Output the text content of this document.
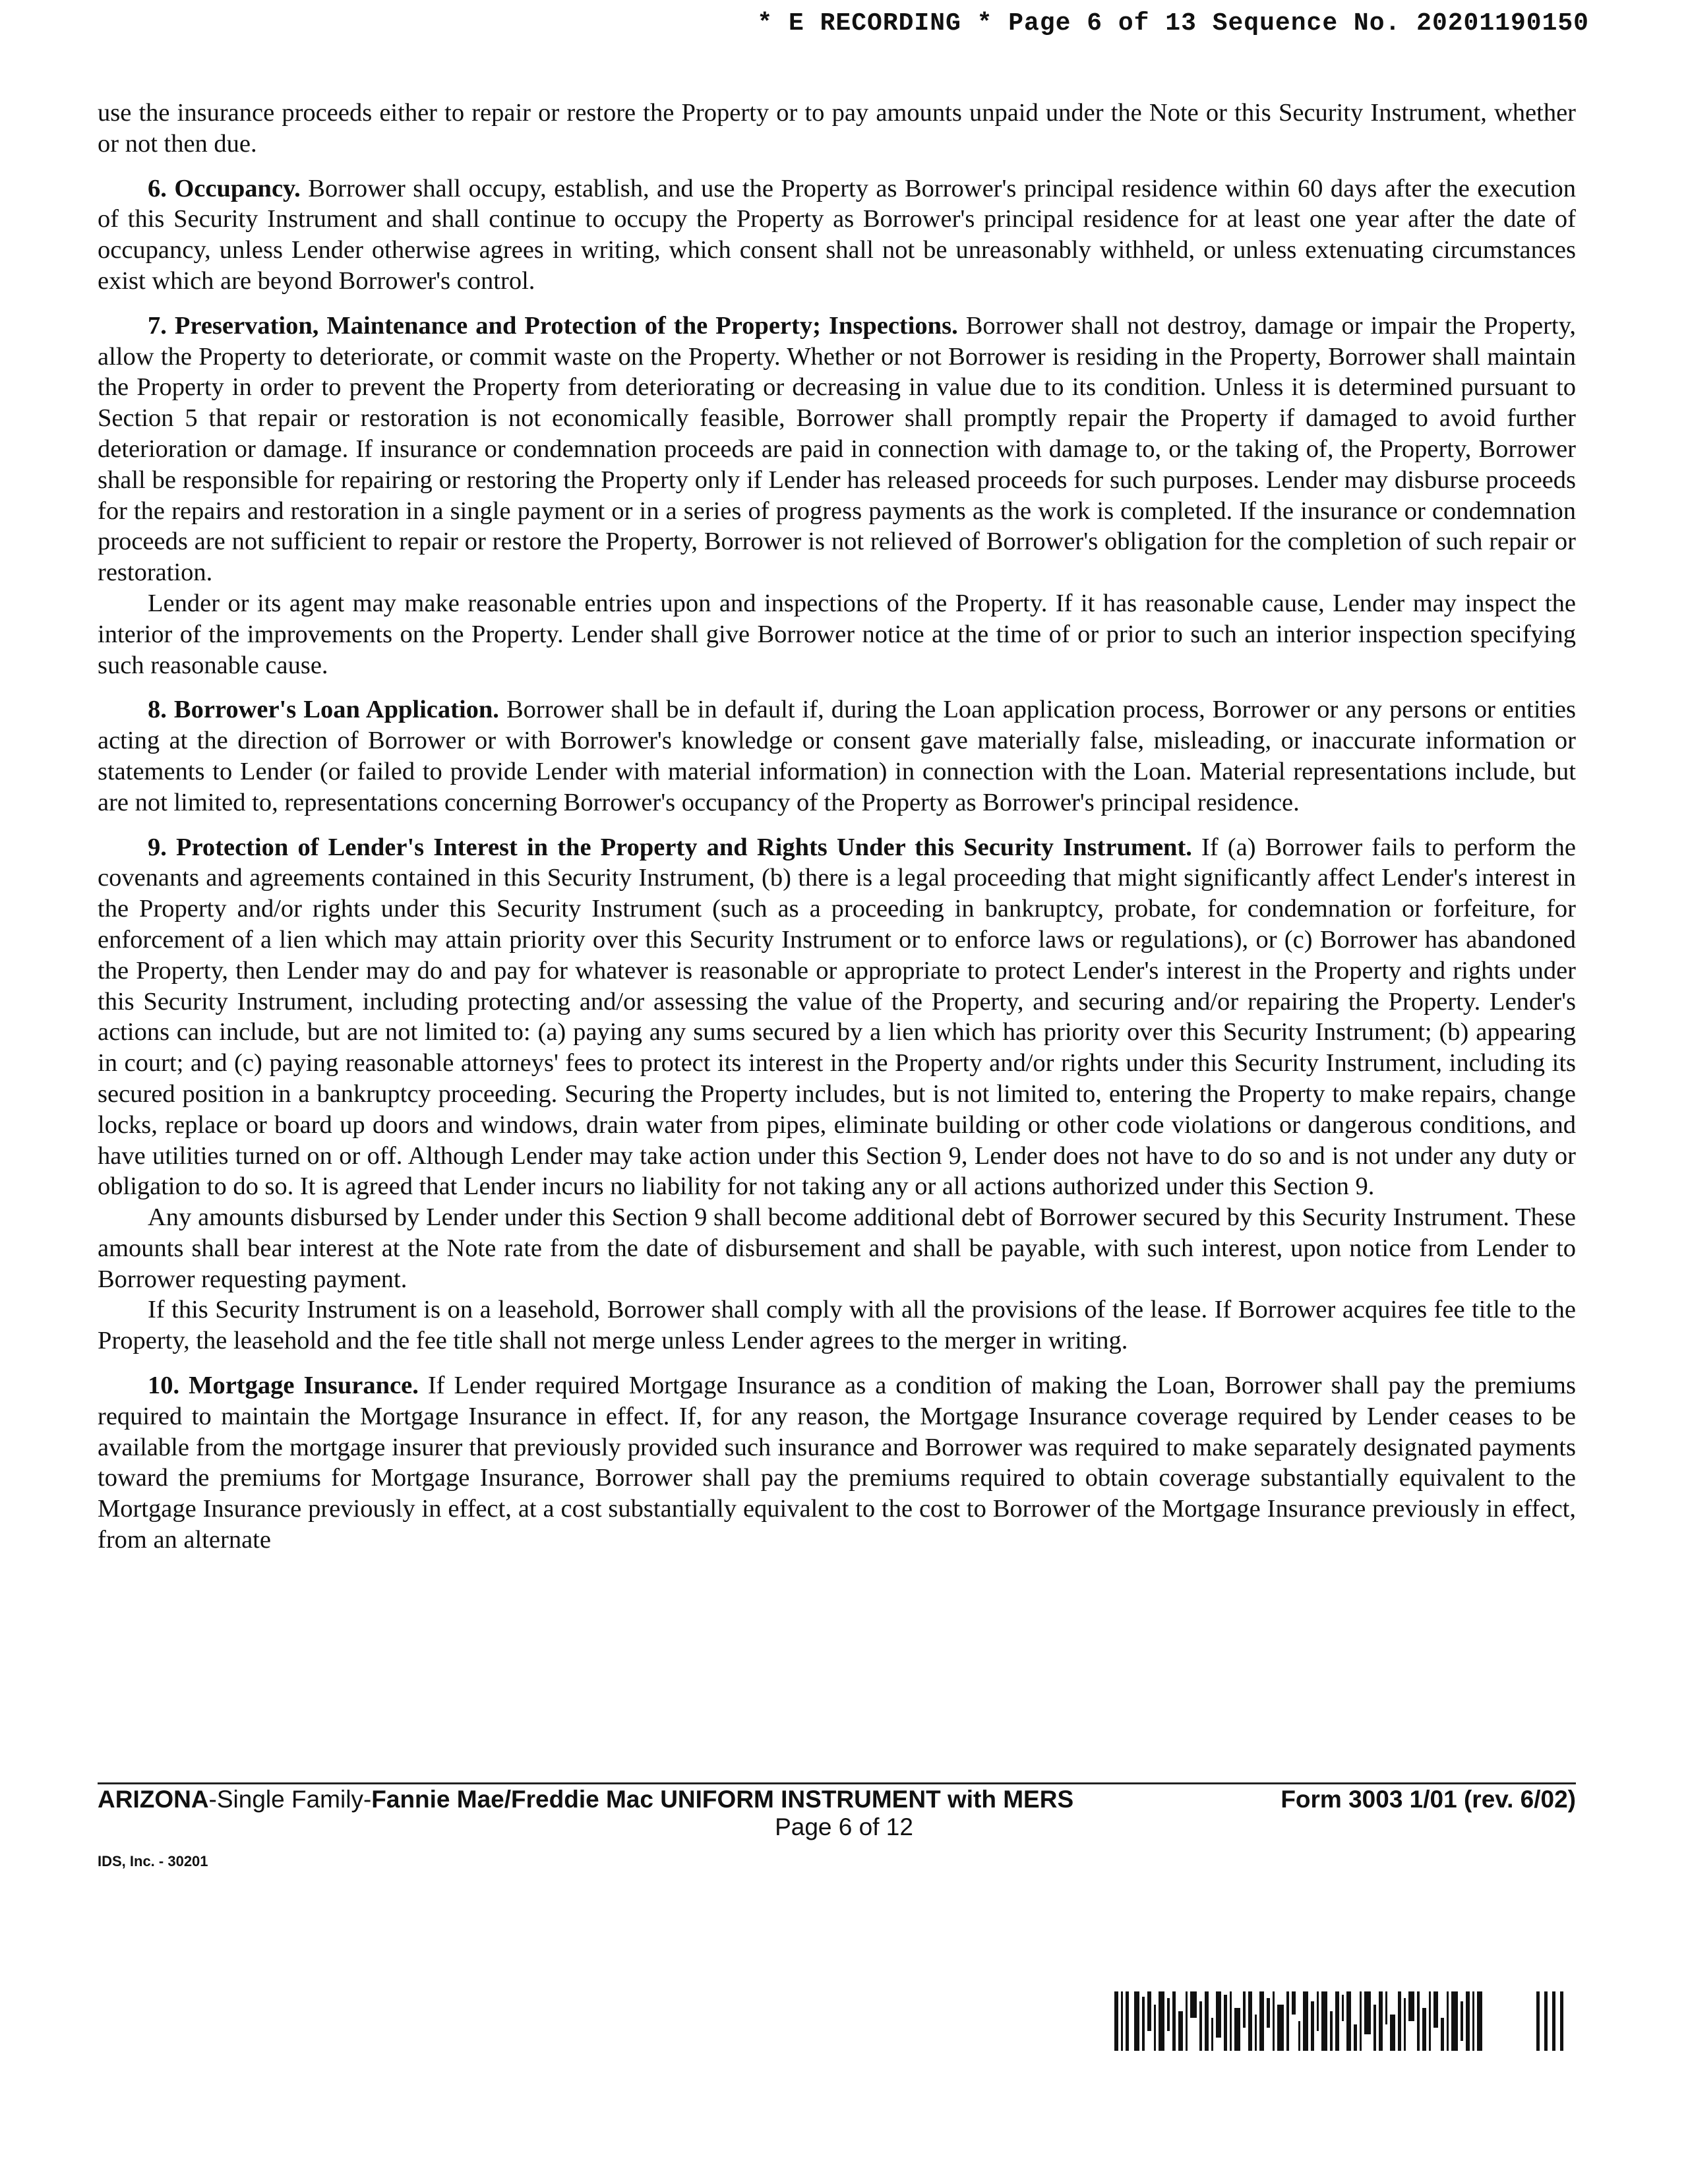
* E RECORDING * Page 6 of 13 Sequence No. 20201190150

use the insurance proceeds either to repair or restore the Property or to pay amounts unpaid under the Note or this Security Instrument, whether or not then due.

6. Occupancy. Borrower shall occupy, establish, and use the Property as Borrower's principal residence within 60 days after the execution of this Security Instrument and shall continue to occupy the Property as Borrower's principal residence for at least one year after the date of occupancy, unless Lender otherwise agrees in writing, which consent shall not be unreasonably withheld, or unless extenuating circumstances exist which are beyond Borrower's control.

7. Preservation, Maintenance and Protection of the Property; Inspections. Borrower shall not destroy, damage or impair the Property, allow the Property to deteriorate, or commit waste on the Property. Whether or not Borrower is residing in the Property, Borrower shall maintain the Property in order to prevent the Property from deteriorating or decreasing in value due to its condition. Unless it is determined pursuant to Section 5 that repair or restoration is not economically feasible, Borrower shall promptly repair the Property if damaged to avoid further deterioration or damage. If insurance or condemnation proceeds are paid in connection with damage to, or the taking of, the Property, Borrower shall be responsible for repairing or restoring the Property only if Lender has released proceeds for such purposes. Lender may disburse proceeds for the repairs and restoration in a single payment or in a series of progress payments as the work is completed. If the insurance or condemnation proceeds are not sufficient to repair or restore the Property, Borrower is not relieved of Borrower's obligation for the completion of such repair or restoration.

Lender or its agent may make reasonable entries upon and inspections of the Property. If it has reasonable cause, Lender may inspect the interior of the improvements on the Property. Lender shall give Borrower notice at the time of or prior to such an interior inspection specifying such reasonable cause.

8. Borrower's Loan Application. Borrower shall be in default if, during the Loan application process, Borrower or any persons or entities acting at the direction of Borrower or with Borrower's knowledge or consent gave materially false, misleading, or inaccurate information or statements to Lender (or failed to provide Lender with material information) in connection with the Loan. Material representations include, but are not limited to, representations concerning Borrower's occupancy of the Property as Borrower's principal residence.

9. Protection of Lender's Interest in the Property and Rights Under this Security Instrument. If (a) Borrower fails to perform the covenants and agreements contained in this Security Instrument, (b) there is a legal proceeding that might significantly affect Lender's interest in the Property and/or rights under this Security Instrument (such as a proceeding in bankruptcy, probate, for condemnation or forfeiture, for enforcement of a lien which may attain priority over this Security Instrument or to enforce laws or regulations), or (c) Borrower has abandoned the Property, then Lender may do and pay for whatever is reasonable or appropriate to protect Lender's interest in the Property and rights under this Security Instrument, including protecting and/or assessing the value of the Property, and securing and/or repairing the Property. Lender's actions can include, but are not limited to: (a) paying any sums secured by a lien which has priority over this Security Instrument; (b) appearing in court; and (c) paying reasonable attorneys' fees to protect its interest in the Property and/or rights under this Security Instrument, including its secured position in a bankruptcy proceeding. Securing the Property includes, but is not limited to, entering the Property to make repairs, change locks, replace or board up doors and windows, drain water from pipes, eliminate building or other code violations or dangerous conditions, and have utilities turned on or off. Although Lender may take action under this Section 9, Lender does not have to do so and is not under any duty or obligation to do so. It is agreed that Lender incurs no liability for not taking any or all actions authorized under this Section 9.

Any amounts disbursed by Lender under this Section 9 shall become additional debt of Borrower secured by this Security Instrument. These amounts shall bear interest at the Note rate from the date of disbursement and shall be payable, with such interest, upon notice from Lender to Borrower requesting payment.

If this Security Instrument is on a leasehold, Borrower shall comply with all the provisions of the lease. If Borrower acquires fee title to the Property, the leasehold and the fee title shall not merge unless Lender agrees to the merger in writing.

10. Mortgage Insurance. If Lender required Mortgage Insurance as a condition of making the Loan, Borrower shall pay the premiums required to maintain the Mortgage Insurance in effect. If, for any reason, the Mortgage Insurance coverage required by Lender ceases to be available from the mortgage insurer that previously provided such insurance and Borrower was required to make separately designated payments toward the premiums for Mortgage Insurance, Borrower shall pay the premiums required to obtain coverage substantially equivalent to the Mortgage Insurance previously in effect, at a cost substantially equivalent to the cost to Borrower of the Mortgage Insurance previously in effect, from an alternate

ARIZONA-Single Family-Fannie Mae/Freddie Mac UNIFORM INSTRUMENT with MERS	Form 3003 1/01 (rev. 6/02)
Page 6 of 12
IDS, Inc. - 30201
